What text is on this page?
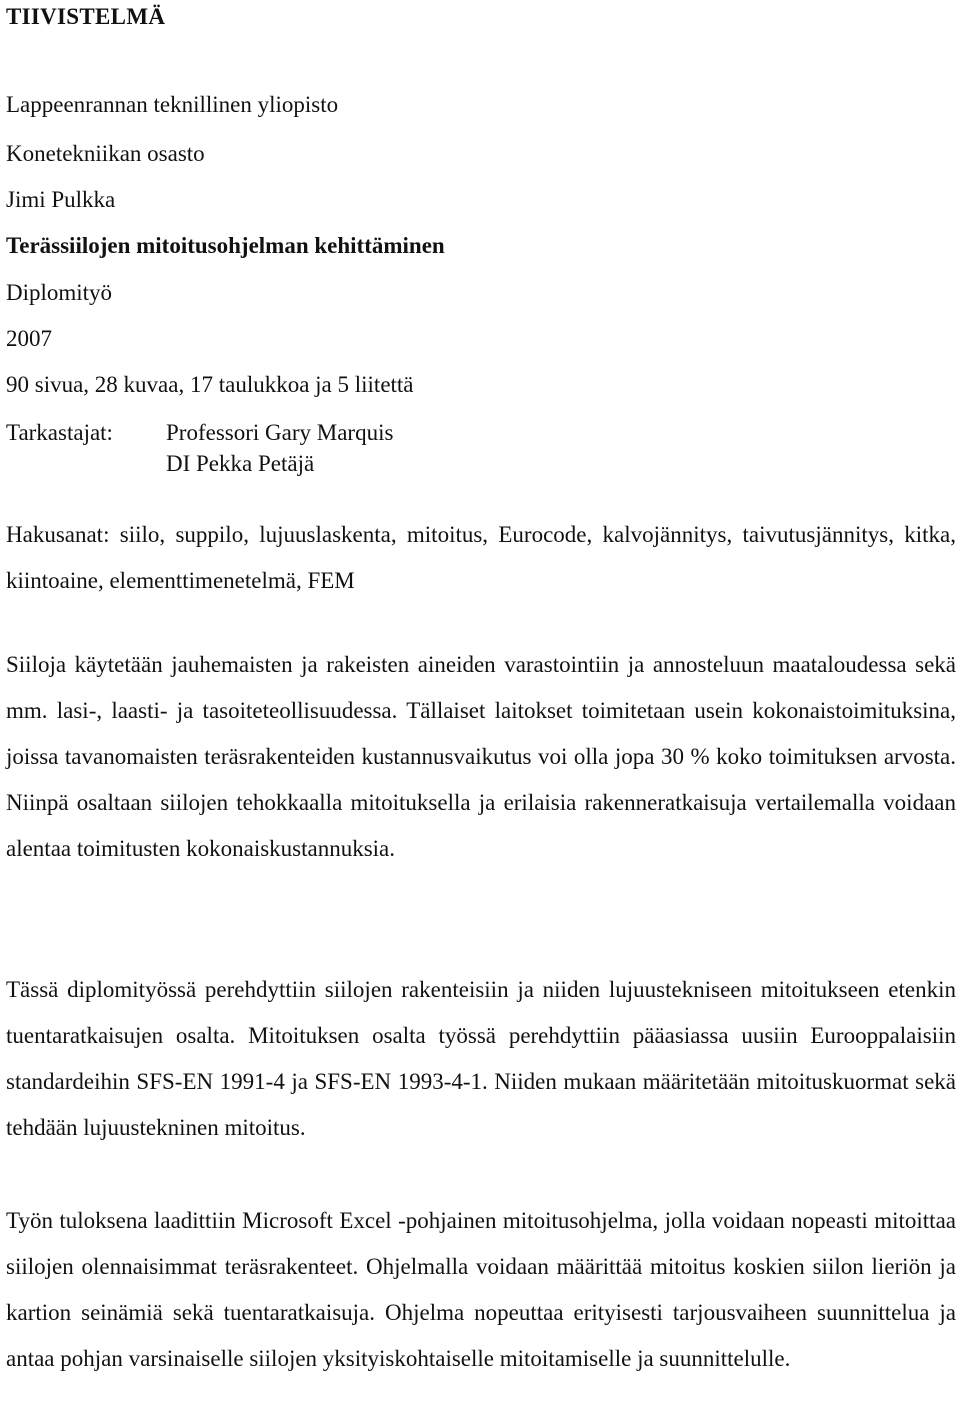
TIIVISTELMÄ
Lappeenrannan teknillinen yliopisto
Konetekniikan osasto
Jimi Pulkka
Terässiilojen mitoitusohjelman kehittäminen
Diplomityö
2007
90 sivua, 28 kuvaa, 17 taulukkoa ja 5 liitettä
Tarkastajat: Professori Gary Marquis
DI Pekka Petäjä
Hakusanat: siilo, suppilo, lujuuslaskenta, mitoitus, Eurocode, kalvojännitys, taivutusjännitys, kitka, kiintoaine, elementtimenetelmä, FEM

Siiloja käytetään jauhemaisten ja rakeisten aineiden varastointiin ja annosteluun maataloudessa sekä mm. lasi-, laasti- ja tasoiteteollisuudessa. Tällaiset laitokset toimitetaan usein kokonaistoimituksina, joissa tavanomaisten teräsrakenteiden kustannusvaikutus voi olla jopa 30 % koko toimituksen arvosta. Niinpä osaltaan siilojen tehokkaalla mitoituksella ja erilaisia rakenneratkaisuja vertailemalla voidaan alentaa toimitusten kokonaiskustannuksia.

Tässä diplomityössä perehdyttiin siilojen rakenteisiin ja niiden lujuustekniseen mitoitukseen etenkin tuentaratkaisujen osalta. Mitoituksen osalta työssä perehdyttiin pääasiassa uusiin Eurooppalaisiin standardeihin SFS-EN 1991-4 ja SFS-EN 1993-4-1. Niiden mukaan määritetään mitoituskuormat sekä tehdään lujuustekninen mitoitus.

Työn tuloksena laadittiin Microsoft Excel -pohjainen mitoitusohjelma, jolla voidaan nopeasti mitoittaa siilojen olennaisimmat teräsrakenteet. Ohjelmalla voidaan määrittää mitoitus koskien siilon lieriön ja kartion seinämiä sekä tuentaratkaisuja. Ohjelma nopeuttaa erityisesti tarjousvaiheen suunnittelua ja antaa pohjan varsinaiselle siilojen yksityiskohtaiselle mitoitamiselle ja suunnittelulle.
